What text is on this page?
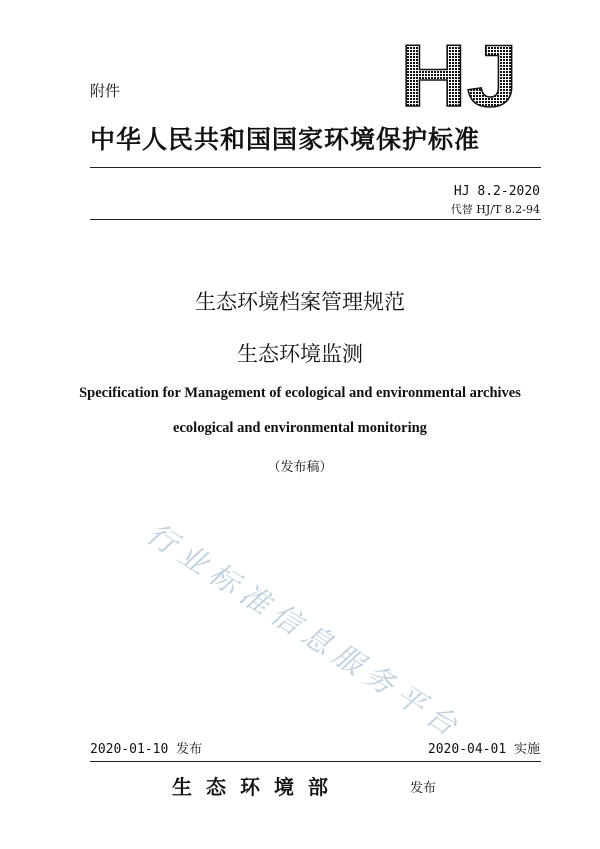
附件	HJ
中华人民共和国国家环境保护标准
HJ 8.2-2020
代替 HJ/T 8.2-94
生态环境档案管理规范
生态环境监测
Specification for Management of ecological and environmental archives
ecological and environmental monitoring
（发布稿）
行业标准信息服务平台
2020-01-10 发布	2020-04-01 实施
生态环境部	发布
